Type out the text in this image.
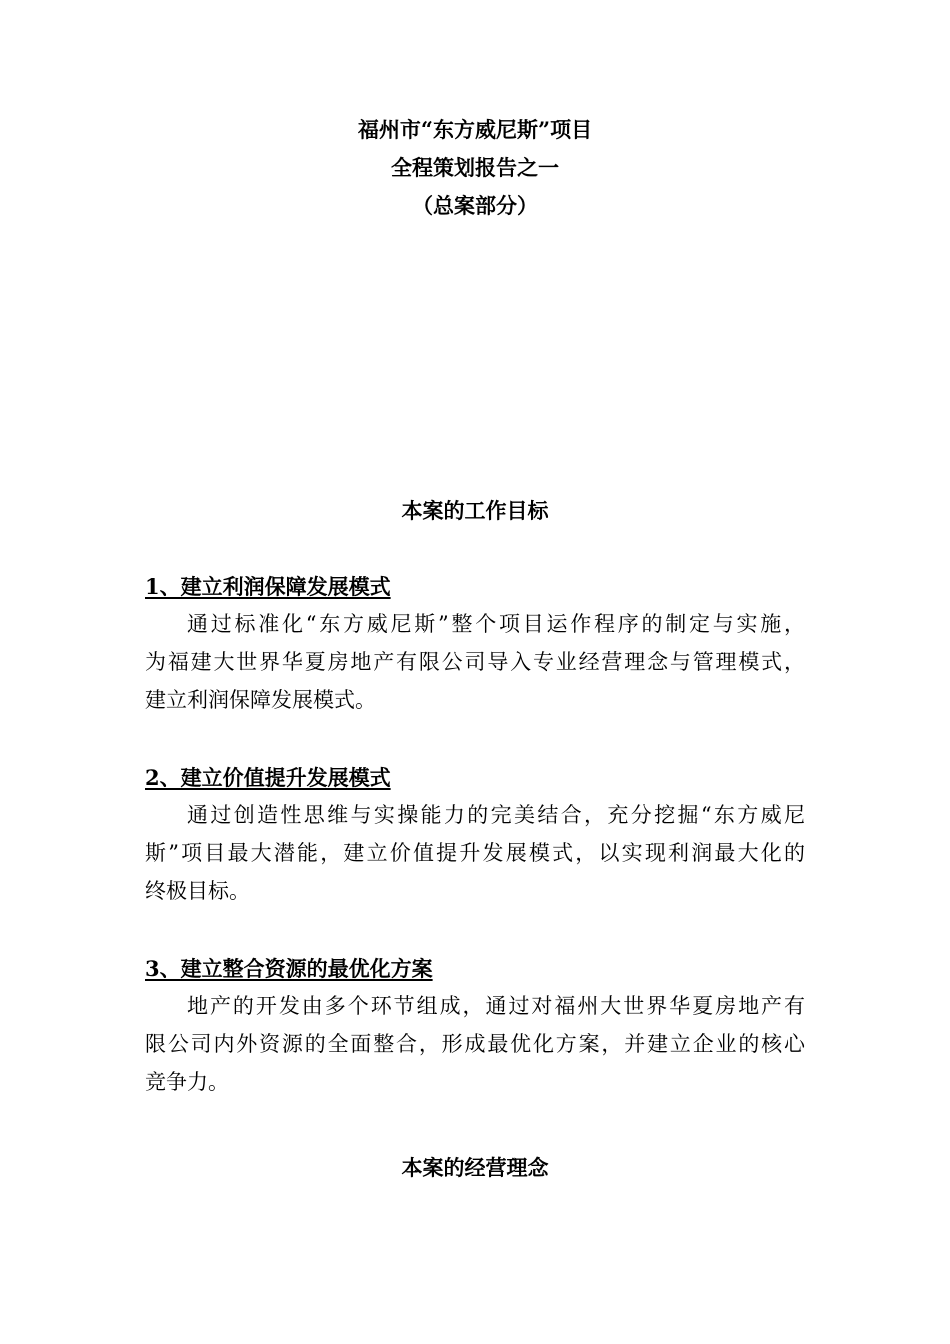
福州市“东方威尼斯”项目
全程策划报告之一
（总案部分）
本案的工作目标
1、建立利润保障发展模式
通过标准化“东方威尼斯”整个项目运作程序的制定与实施，
为福建大世界华夏房地产有限公司导入专业经营理念与管理模式，
建立利润保障发展模式。
2、建立价值提升发展模式
通过创造性思维与实操能力的完美结合，充分挖掘“东方威尼
斯”项目最大潜能，建立价值提升发展模式，以实现利润最大化的
终极目标。
3、建立整合资源的最优化方案
地产的开发由多个环节组成，通过对福州大世界华夏房地产有
限公司内外资源的全面整合，形成最优化方案，并建立企业的核心
竞争力。
本案的经营理念
